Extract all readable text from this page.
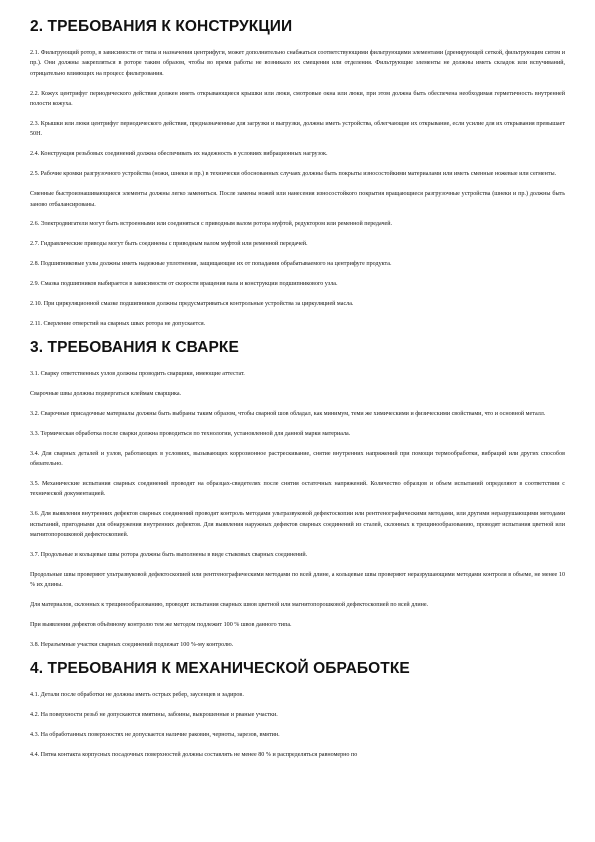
2. ТРЕБОВАНИЯ К КОНСТРУКЦИИ

2.1. Фильтрующий ротор, в зависимости от типа и назначения центрифуги, может дополнительно снабжаться соответствующими фильтрующими элементами (дренирующей сеткой, фильтрующим ситом и пр.). Они должны закрепляться в роторе таким образом, чтобы во время работы не возникало их смещения или отделения. Фильтрующие элементы не должны иметь складок или вспучиваний, отрицательно влияющих на процесс фильтрования.

2.2. Кожух центрифуг периодического действия должен иметь открывающиеся крышки или люки, смотровые окна или люки, при этом должна быть обеспечена необходимая герметичность внутренней полости кожуха.

2.3. Крышки или люки центрифуг периодического действия, предназначенные для загрузки и выгрузки, должны иметь устройства, облегчающие их открывание, если усилие для их открывания превышает 50Н.

2.4. Конструкция резьбовых соединений должна обеспечивать их надежность в условиях вибрационных нагрузок.

2.5. Рабочие кромки разгрузочного устройства (ножи, шнеки и пр.) в технически обоснованных случаях должны быть покрыты износостойкими материалами или иметь сменные ножевые или сегменты.

Сменные быстроизнашивающиеся элементы должны легко заменяться. После замены ножей или нанесения износостойкого покрытия вращающиеся разгрузочные устройства (шнеки и пр.) должны быть заново отбалансированы.

2.6. Электродвигатели могут быть встроенными или соединяться с приводным валом ротора муфтой, редуктором или ременной передачей.

2.7. Гидравлические приводы могут быть соединены с приводным валом муфтой или ременной передачей.

2.8. Подшипниковые узлы должны иметь надежные уплотнения, защищающие их от попадания обрабатываемого на центрифуге продукта.

2.9. Смазка подшипников выбирается в зависимости от скорости вращения вала и конструкции подшипникового узла.

2.10. При циркуляционной смазке подшипников должны предусматриваться контрольные устройства за циркуляцией масла.

2.11. Сверление отверстий на сварных швах ротора не допускается.

3. ТРЕБОВАНИЯ К СВАРКЕ

3.1. Сварку ответственных узлов должны проводить сварщики, имеющие аттестат.

Сварочные швы должны подвергаться клеймам сварщика.

3.2. Сварочные присадочные материалы должны быть выбраны таким образом, чтобы сварной шов обладал, как минимум, теми же химическими и физическими свойствами, что и основной металл.

3.3. Термическая обработка после сварки должна проводиться по технологии, установленной для данной марки материала.

3.4. Для сварных деталей и узлов, работающих в условиях, вызывающих коррозионное растрескивание, снятие внутренних напряжений при помощи термообработки, вибраций или других способов обязательно.

3.5. Механические испытания сварных соединений проводят на образцах-свидетелях после снятия остаточных напряжений. Количество образцов и объем испытаний определяют в соответствии с технической документацией.

3.6. Для выявления внутренних дефектов сварных соединений проводят контроль методами ультразвуковой дефектоскопии или рентгенографическими методами, или другими неразрушающими методами испытаний, пригодными для обнаружения внутренних дефектов. Для выявления наружных дефектов сварных соединений из сталей, склонных к трещинообразованию, проводят испытания цветной или магнитопорошковой дефектоскопией.

3.7. Продольные и кольцевые швы ротора должны быть выполнены в виде стыковых сварных соединений.

Продольные швы проверяют ультразвуковой дефектоскопией или рентгенографическими методами по всей длине, а кольцевые швы проверяют неразрушающими методами контроля в объеме, не менее 10 % их длины.

Для материалов, склонных к трещинообразованию, проводят испытания сварных швов цветной или магнитопорошковой дефектоскопией по всей длине.

При выявлении дефектов объёмному контролю тем же методом подлежит 100 % швов данного типа.

3.8. Неразъемные участки сварных соединений подлежат 100 %-му контролю.

4. ТРЕБОВАНИЯ К МЕХАНИЧЕСКОЙ ОБРАБОТКЕ

4.1. Детали после обработки не должны иметь острых ребер, заусенцев и задиров.

4.2. На поверхности резьб не допускаются вмятины, забоины, выкрошенные и рваные участки.

4.3. На обработанных поверхностях не допускается наличие раковин, черноты, зарезов, вмятин.

4.4. Пятна контакта корпусных посадочных поверхностей должны составлять не менее 80 % и распределяться равномерно по
